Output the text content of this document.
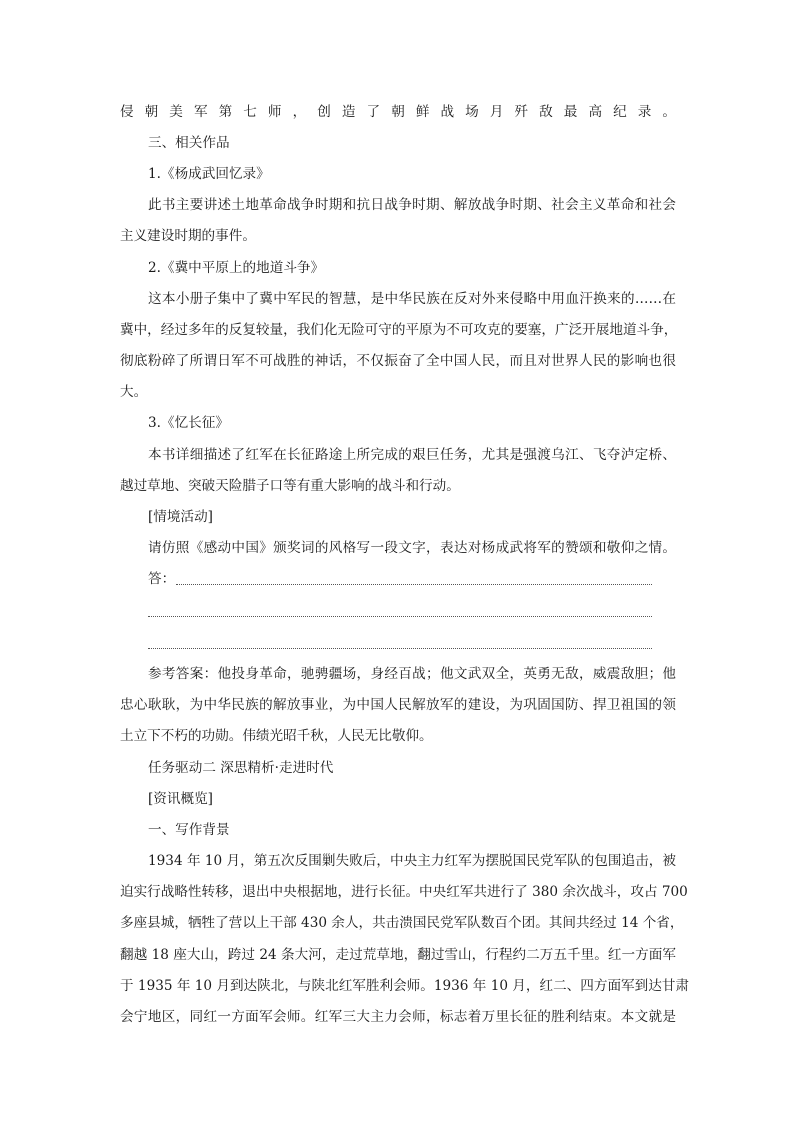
侵朝美军第七师，创造了朝鲜战场月歼敌最高纪录。
三、相关作品
1.《杨成武回忆录》
此书主要讲述土地革命战争时期和抗日战争时期、解放战争时期、社会主义革命和社会
主义建设时期的事件。
2.《冀中平原上的地道斗争》
这本小册子集中了冀中军民的智慧，是中华民族在反对外来侵略中用血汗换来的……在
冀中，经过多年的反复较量，我们化无险可守的平原为不可攻克的要塞，广泛开展地道斗争，
彻底粉碎了所谓日军不可战胜的神话，不仅振奋了全中国人民，而且对世界人民的影响也很
大。
3.《忆长征》
本书详细描述了红军在长征路途上所完成的艰巨任务，尤其是强渡乌江、飞夺泸定桥、
越过草地、突破天险腊子口等有重大影响的战斗和行动。
[情境活动]
请仿照《感动中国》颁奖词的风格写一段文字，表达对杨成武将军的赞颂和敬仰之情。
答：
参考答案：他投身革命，驰骋疆场，身经百战；他文武双全，英勇无敌，威震敌胆；他
忠心耿耿，为中华民族的解放事业，为中国人民解放军的建设，为巩固国防、捍卫祖国的领
土立下不朽的功勋。伟绩光昭千秋，人民无比敬仰。
任务驱动二 深思精析·走进时代
[资讯概览]
一、写作背景
1934 年 10 月，第五次反围剿失败后，中央主力红军为摆脱国民党军队的包围追击，被
迫实行战略性转移，退出中央根据地，进行长征。中央红军共进行了 380 余次战斗，攻占 700
多座县城，牺牲了营以上干部 430 余人，共击溃国民党军队数百个团。其间共经过 14 个省，
翻越 18 座大山，跨过 24 条大河，走过荒草地，翻过雪山，行程约二万五千里。红一方面军
于 1935 年 10 月到达陕北，与陕北红军胜利会师。1936 年 10 月，红二、四方面军到达甘肃
会宁地区，同红一方面军会师。红军三大主力会师，标志着万里长征的胜利结束。本文就是
